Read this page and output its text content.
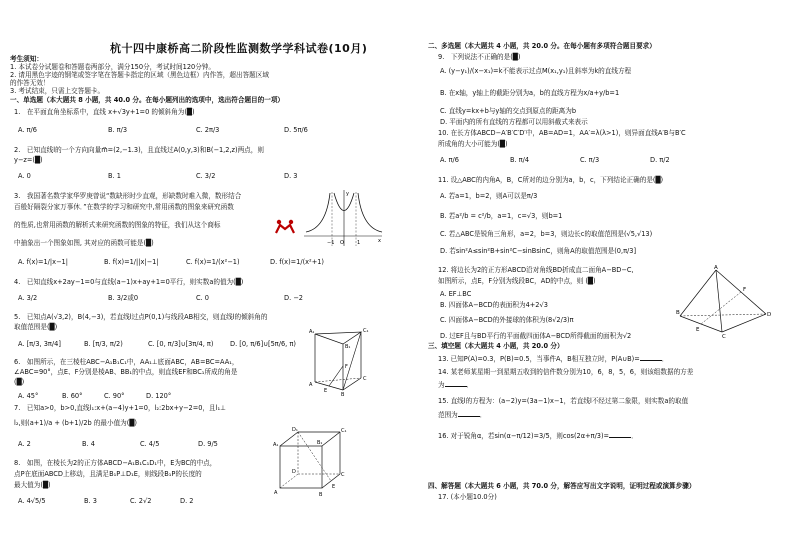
杭十四中康桥高二阶段性监测数学学科试卷(10月)
考生须知：
1. 本试卷分试题卷和答题卷两部分，满分150分，考试时间120分钟。
2. 请用黑色字迹的钢笔或签字笔在答题卡指定的区域（黑色边框）内作答，超出答题区域
的作答无效！
3. 考试结束，只需上交答题卡。
一、单选题（本大题共 8 小题，共 40.0 分。在每小题列出的选项中，选出符合题目的一项）
1.　在平面直角坐标系中，直线 x+√3y+1=0 的倾斜角为(█)
A. π/6	B. π/3	C. 2π/3	D. 5π/6
2.　已知直线l的一个方向向量m⃗=(2,−1.3)，且直线过A(0,y,3)和B(−1,2,z)两点，则
y−z=(█)
A. 0	B. 1	C. 3/2	D. 3
3.　我国著名数学家华罗庚曾说“数缺形时少直观，形缺数时难入微，数形结合
百般好隔裂分家万事休．”在数学的学习和研究中,常用函数的图象来研究函数
的性质,也常用函数的解析式来研究函数的图象的特征，我们从这个商标
中抽象出一个图象如图, 其对应的函数可能是(█)
A. f(x)=1/|x−1|	B. f(x)=1/||x|−1|	C. f(x)=1/(x²−1)	D. f(x)=1/(x²+1)
−1 O	1	x
y
4.　已知直线x+2ay−1=0与直线(a−1)x+ay+1=0平行，则实数a的值为(█)
A. 3/2	B. 3/2或0	C. 0	D. −2
5.　已知点A(√3,2)，B(4,−3)，若直线l过点P(0,1)与线段AB相交，则直线l的倾斜角的
取值范围是(█)
A. [π/3, 3π/4]	B. [π/3, π/2)	C. [0, π/3]∪[3π/4, π)	D. [0, π/6]∪[5π/6, π)
6.　如图所示，在三棱柱ABC−A₁B₁C₁中，AA₁⊥底面ABC，AB=BC=AA₁，
∠ABC=90°，点E、F分别是棱AB、BB₁的中点，则直线EF和BC₁所成的角是
(█)
A. 45°	B. 60°	C. 90°	D. 120°
A₁	C₁
B₁
F
A
C
E
B
7.　已知a>0，b>0,直线l₁:x+(a−4)y+1=0，l₂:2bx+y−2=0，且l₁⊥
l₂,则(a+1)/a + (b+1)/2b 的最小值为(█)
A. 2	B. 4	C. 4/5	D. 9/5
8.　如图，在棱长为2的正方体ABCD−A₁B₁C₁D₁中，E为BC的中点，
点P在底面ABCD上移动，且满足B₁P⊥D₁E，则线段B₁P的长度的
最大值为(█)
A. 4√5/5	B. 3	C. 2√2	D. 2
D₁	C₁
A₁	B₁
D	C
A
E
B
二、多选题（本大题共 4 小题，共 20.0 分。在每小题有多项符合题目要求）
9.　下列说法不正确的是(█)
A. (y−y₁)/(x−x₁)=k不能表示过点M(x₁,y₁)且斜率为k的直线方程
B. 在x轴，y轴上的截距分别为a，b的直线方程为x/a+y/b=1
C. 直线y=kx+b与y轴的交点到原点的距离为b
D. 平面内的所有直线的方程都可以用斜截式来表示
10. 在长方体ABCD−A′B′C′D′中，AB=AD=1，AA′=λ(λ>1)，则异面直线A′B与B′C
所成角的大小可能为(█)
A. π/6	B. π/4	C. π/3	D. π/2
11. 设△ABC的内角A，B，C所对的边分别为a，b，c，下列结论正确的是(█)
A. 若a=1，b=2，则A可以是π/3
B. 若a²/b = c²/b，a=1，c=√3，则b=1
C. 若△ABC是锐角三角形，a=2，b=3，则边长c的取值范围是(√5,√13)
D. 若sin²A≤sin²B+sin²C−sinBsinC，则角A的取值范围是(0,π/3]
12. 将边长为2的正方形ABCD沿对角线BD折成直二面角A−BD−C,
如图所示，点E，F分别为线段BC，AD的中点，则 (█)
A. EF⊥BC
B. 四面体A−BCD的表面积为4+2√3
C. 四面体A−BCD的外接球的体积为(8√2/3)π
D. 过EF且与BD平行的平面截四面体A−BCD所得截面的面积为√2
A
F
B	D
E
C
三、填空题（本大题共 4 小题，共 20.0 分）
13. 已知P(A)=0.3，P(B)=0.5，当事件A，B相互独立时，P(A∪B)=	．
14. 某老师某星期一到星期五收到的信件数分别为10，6，8，5，6，则该组数据的方差
为	．
15. 直线l的方程为：(a−2)y=(3a−1)x−1，若直线l不经过第二象限，则实数a的取值
范围为	．
16. 对于锐角α，若sin(α−π/12)=3/5，则cos(2α+π/3)=	．
四、解答题（本大题共 6 小题，共 70.0 分，解答应写出文字说明，证明过程或演算步骤）
17. (本小题10.0分)
